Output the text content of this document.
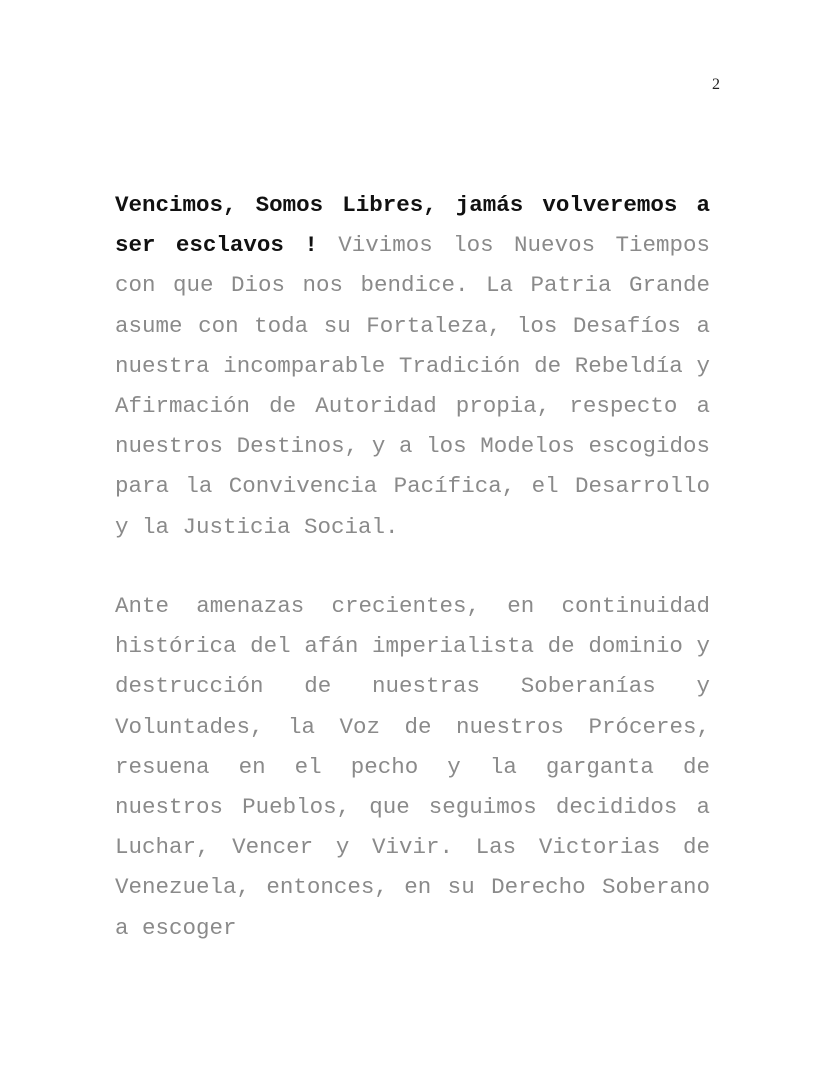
2

Vencimos, Somos Libres, jamás volveremos a ser esclavos ! Vivimos los Nuevos Tiempos con que Dios nos bendice. La Patria Grande asume con toda su Fortaleza, los Desafíos a nuestra incomparable Tradición de Rebeldía y Afirmación de Autoridad propia, respecto a nuestros Destinos, y a los Modelos escogidos para la Convivencia Pacífica, el Desarrollo y la Justicia Social.

Ante amenazas crecientes, en continuidad histórica del afán imperialista de dominio y destrucción de nuestras Soberanías y Voluntades, la Voz de nuestros Próceres, resuena en el pecho y la garganta de nuestros Pueblos, que seguimos decididos a Luchar, Vencer y Vivir. Las Victorias de Venezuela, entonces, en su Derecho Soberano a escoger
